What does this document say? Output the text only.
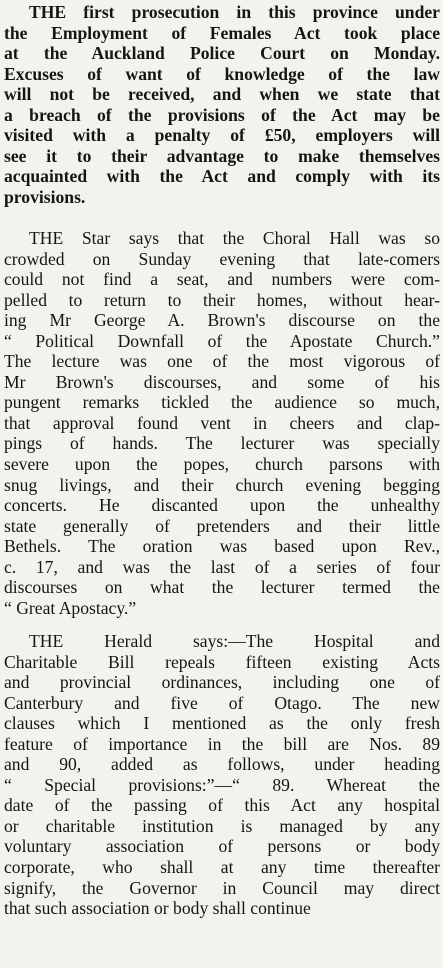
THE first prosecution in this province under
the Employment of Females Act took place
at the Auckland Police Court on Monday.
Excuses of want of knowledge of the law
will not be received, and when we state that
a breach of the provisions of the Act may be
visited with a penalty of £50, employers will
see it to their advantage to make themselves
acquainted with the Act and comply with its
provisions.
THE Star says that the Choral Hall was so
crowded on Sunday evening that late-comers
could not find a seat, and numbers were com-
pelled to return to their homes, without hear-
ing Mr George A. Brown's discourse on the
“ Political Downfall of the Apostate Church.”
The lecture was one of the most vigorous of
Mr Brown's discourses, and some of his
pungent remarks tickled the audience so much,
that approval found vent in cheers and clap-
pings of hands. The lecturer was specially
severe upon the popes, church parsons with
snug livings, and their church evening begging
concerts. He discanted upon the unhealthy
state generally of pretenders and their little
Bethels. The oration was based upon Rev.,
c. 17, and was the last of a series of four
discourses on what the lecturer termed the
“ Great Apostacy.”
THE Herald says:—The Hospital and
Charitable Bill repeals fifteen existing Acts
and provincial ordinances, including one of
Canterbury and five of Otago. The new
clauses which I mentioned as the only fresh
feature of importance in the bill are Nos. 89
and 90, added as follows, under heading
“ Special provisions:”—“ 89. Whereat the
date of the passing of this Act any hospital
or charitable institution is managed by any
voluntary association of persons or body
corporate, who shall at any time thereafter
signify, the Governor in Council may direct
that such association or body shall continue
